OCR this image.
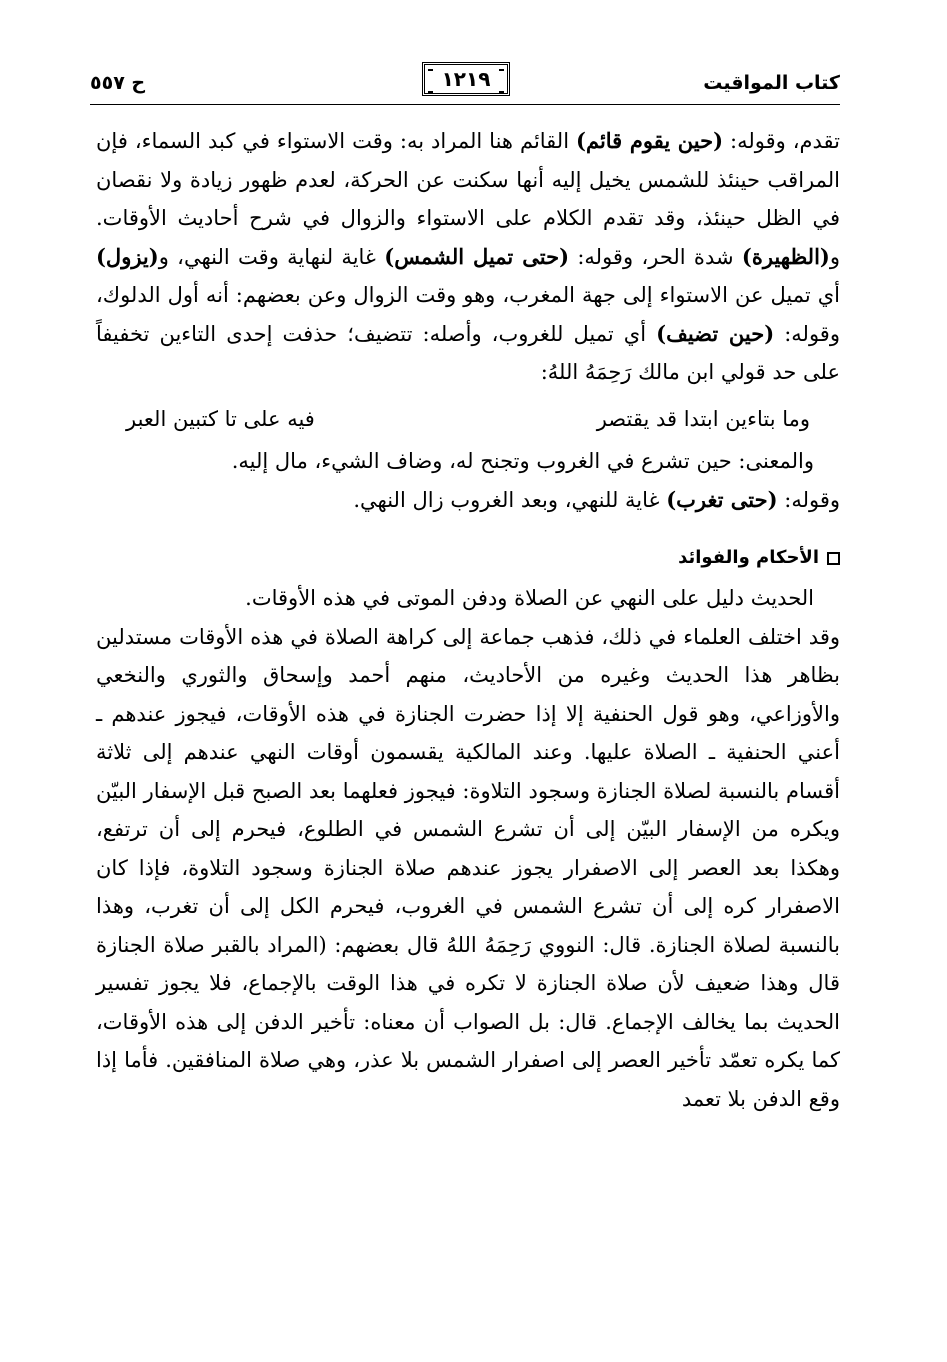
كتاب المواقيت
١٢١٩
ح ٥٥٧

تقدم، وقوله: (حين يقوم قائم) القائم هنا المراد به: وقت الاستواء في كبد السماء، فإن المراقب حينئذ للشمس يخيل إليه أنها سكنت عن الحركة، لعدم ظهور زيادة ولا نقصان في الظل حينئذ، وقد تقدم الكلام على الاستواء والزوال في شرح أحاديث الأوقات. و(الظهيرة) شدة الحر، وقوله: (حتى تميل الشمس) غاية لنهاية وقت النهي، و(يزول) أي تميل عن الاستواء إلى جهة المغرب، وهو وقت الزوال وعن بعضهم: أنه أول الدلوك، وقوله: (حين تضيف) أي تميل للغروب، وأصله: تتضيف؛ حذفت إحدى التاءين تخفيفاً على حد قولي ابن مالك رَحِمَهُ اللهُ:

وما بتاءين ابتدا قد يقتصر
فيه على تا كتبين العبر

والمعنى: حين تشرع في الغروب وتجنح له، وضاف الشيء، مال إليه.

وقوله: (حتى تغرب) غاية للنهي، وبعد الغروب زال النهي.

الأحكام والفوائد

الحديث دليل على النهي عن الصلاة ودفن الموتى في هذه الأوقات.

وقد اختلف العلماء في ذلك، فذهب جماعة إلى كراهة الصلاة في هذه الأوقات مستدلين بظاهر هذا الحديث وغيره من الأحاديث، منهم أحمد وإسحاق والثوري والنخعي والأوزاعي، وهو قول الحنفية إلا إذا حضرت الجنازة في هذه الأوقات، فيجوز عندهم ـ أعني الحنفية ـ الصلاة عليها. وعند المالكية يقسمون أوقات النهي عندهم إلى ثلاثة أقسام بالنسبة لصلاة الجنازة وسجود التلاوة: فيجوز فعلهما بعد الصبح قبل الإسفار البيّن ويكره من الإسفار البيّن إلى أن تشرع الشمس في الطلوع، فيحرم إلى أن ترتفع، وهكذا بعد العصر إلى الاصفرار يجوز عندهم صلاة الجنازة وسجود التلاوة، فإذا كان الاصفرار كره إلى أن تشرع الشمس في الغروب، فيحرم الكل إلى أن تغرب، وهذا بالنسبة لصلاة الجنازة. قال: النووي رَحِمَهُ اللهُ قال بعضهم: (المراد بالقبر صلاة الجنازة قال وهذا ضعيف لأن صلاة الجنازة لا تكره في هذا الوقت بالإجماع، فلا يجوز تفسير الحديث بما يخالف الإجماع. قال: بل الصواب أن معناه: تأخير الدفن إلى هذه الأوقات، كما يكره تعمّد تأخير العصر إلى اصفرار الشمس بلا عذر، وهي صلاة المنافقين. فأما إذا وقع الدفن بلا تعمد
